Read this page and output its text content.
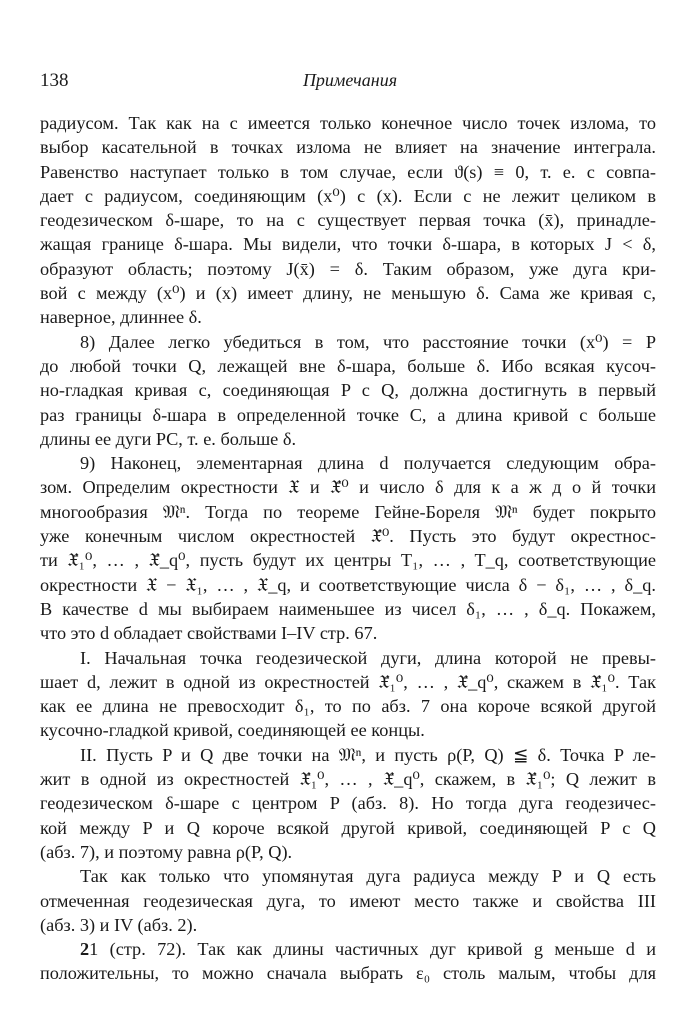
138	Примечания
радиусом. Так как на c имеется только конечное число точек излома, то
выбор касательной в точках излома не влияет на значение интеграла.
Равенство наступает только в том случае, если ϑ(s) ≡ 0, т. е. c совпа-
дает с радиусом, соединяющим (x⁰) с (x). Если c не лежит целиком в
геодезическом δ-шаре, то на c существует первая точка (x̄), принадле-
жащая границе δ-шара. Мы видели, что точки δ-шара, в которых J < δ,
образуют область; поэтому J(x̄) = δ. Таким образом, уже дуга кри-
вой c между (x⁰) и (x) имеет длину, не меньшую δ. Сама же кривая c,
наверное, длиннее δ.
8) Далее легко убедиться в том, что расстояние точки (x⁰) = P
до любой точки Q, лежащей вне δ-шара, больше δ. Ибо всякая кусоч-
но-гладкая кривая c, соединяющая P с Q, должна достигнуть в первый
раз границы δ-шара в определенной точке C, а длина кривой c больше
длины ее дуги PC, т. е. больше δ.
9) Наконец, элементарная длина d получается следующим обра-
зом. Определим окрестности 𝔛 и 𝔛̄⁰ и число δ для к а ж д о й точки
многообразия 𝔐ⁿ. Тогда по теореме Гейне-Бореля 𝔐ⁿ будет покрыто
уже конечным числом окрестностей 𝔛̄⁰. Пусть это будут окрестнос-
ти 𝔛̄₁⁰, … , 𝔛̄_q⁰, пусть будут их центры T₁, … , T_q, соответствующие
окрестности 𝔛 − 𝔛₁, … , 𝔛_q, и соответствующие числа δ − δ₁, … , δ_q.
В качестве d мы выбираем наименьшее из чисел δ₁, … , δ_q. Покажем,
что это d обладает свойствами I–IV стр. 67.
I. Начальная точка геодезической дуги, длина которой не превы-
шает d, лежит в одной из окрестностей 𝔛̄₁⁰, … , 𝔛̄_q⁰, скажем в 𝔛̄₁⁰. Так
как ее длина не превосходит δ₁, то по абз. 7 она короче всякой другой
кусочно-гладкой кривой, соединяющей ее концы.
II. Пусть P и Q две точки на 𝔐ⁿ, и пусть ρ(P, Q) ≦ δ. Точка P ле-
жит в одной из окрестностей 𝔛̄₁⁰, … , 𝔛̄_q⁰, скажем, в 𝔛̄₁⁰; Q лежит в
геодезическом δ-шаре с центром P (абз. 8). Но тогда дуга геодезичес-
кой между P и Q короче всякой другой кривой, соединяющей P с Q
(абз. 7), и поэтому равна ρ(P, Q).
Так как только что упомянутая дуга радиуса между P и Q есть
отмеченная геодезическая дуга, то имеют место также и свойства III
(абз. 3) и IV (абз. 2).
21 (стр. 72). Так как длины частичных дуг кривой g меньше d и
положительны, то можно сначала выбрать ε₀ столь малым, чтобы для
